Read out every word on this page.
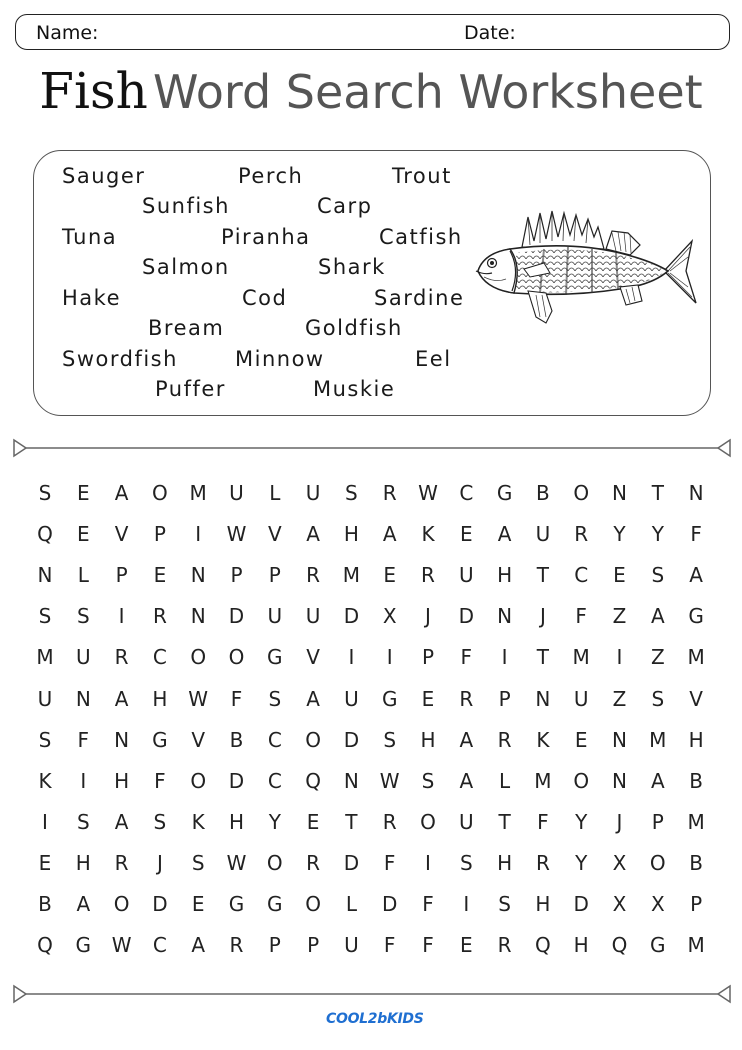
Name:	Date:
Fish Word Search Worksheet
Sauger	Perch	Trout
Sunfish	Carp
Tuna	Piranha	Catfish
Salmon	Shark
Hake	Cod	Sardine
Bream	Goldfish
Swordfish	Minnow	Eel
Puffer	Muskie
S	E	A	O	M	U	L	U	S	R	W	C	G	B	O	N	T	N
Q	E	V	P	I	W	V	A	H	A	K	E	A	U	R	Y	Y	F
N	L	P	E	N	P	P	R	M	E	R	U	H	T	C	E	S	A
S	S	I	R	N	D	U	U	D	X	J	D	N	J	F	Z	A	G
M	U	R	C	O	O	G	V	I	I	P	F	I	T	M	I	Z	M
U	N	A	H	W	F	S	A	U	G	E	R	P	N	U	Z	S	V
S	F	N	G	V	B	C	O	D	S	H	A	R	K	E	N	M	H
K	I	H	F	O	D	C	Q	N	W	S	A	L	M	O	N	A	B
I	S	A	S	K	H	Y	E	T	R	O	U	T	F	Y	J	P	M
E	H	R	J	S	W	O	R	D	F	I	S	H	R	Y	X	O	B
B	A	O	D	E	G	G	O	L	D	F	I	S	H	D	X	X	P
Q	G	W	C	A	R	P	P	U	F	F	E	R	Q	H	Q	G	M
COOL2bKIDS
